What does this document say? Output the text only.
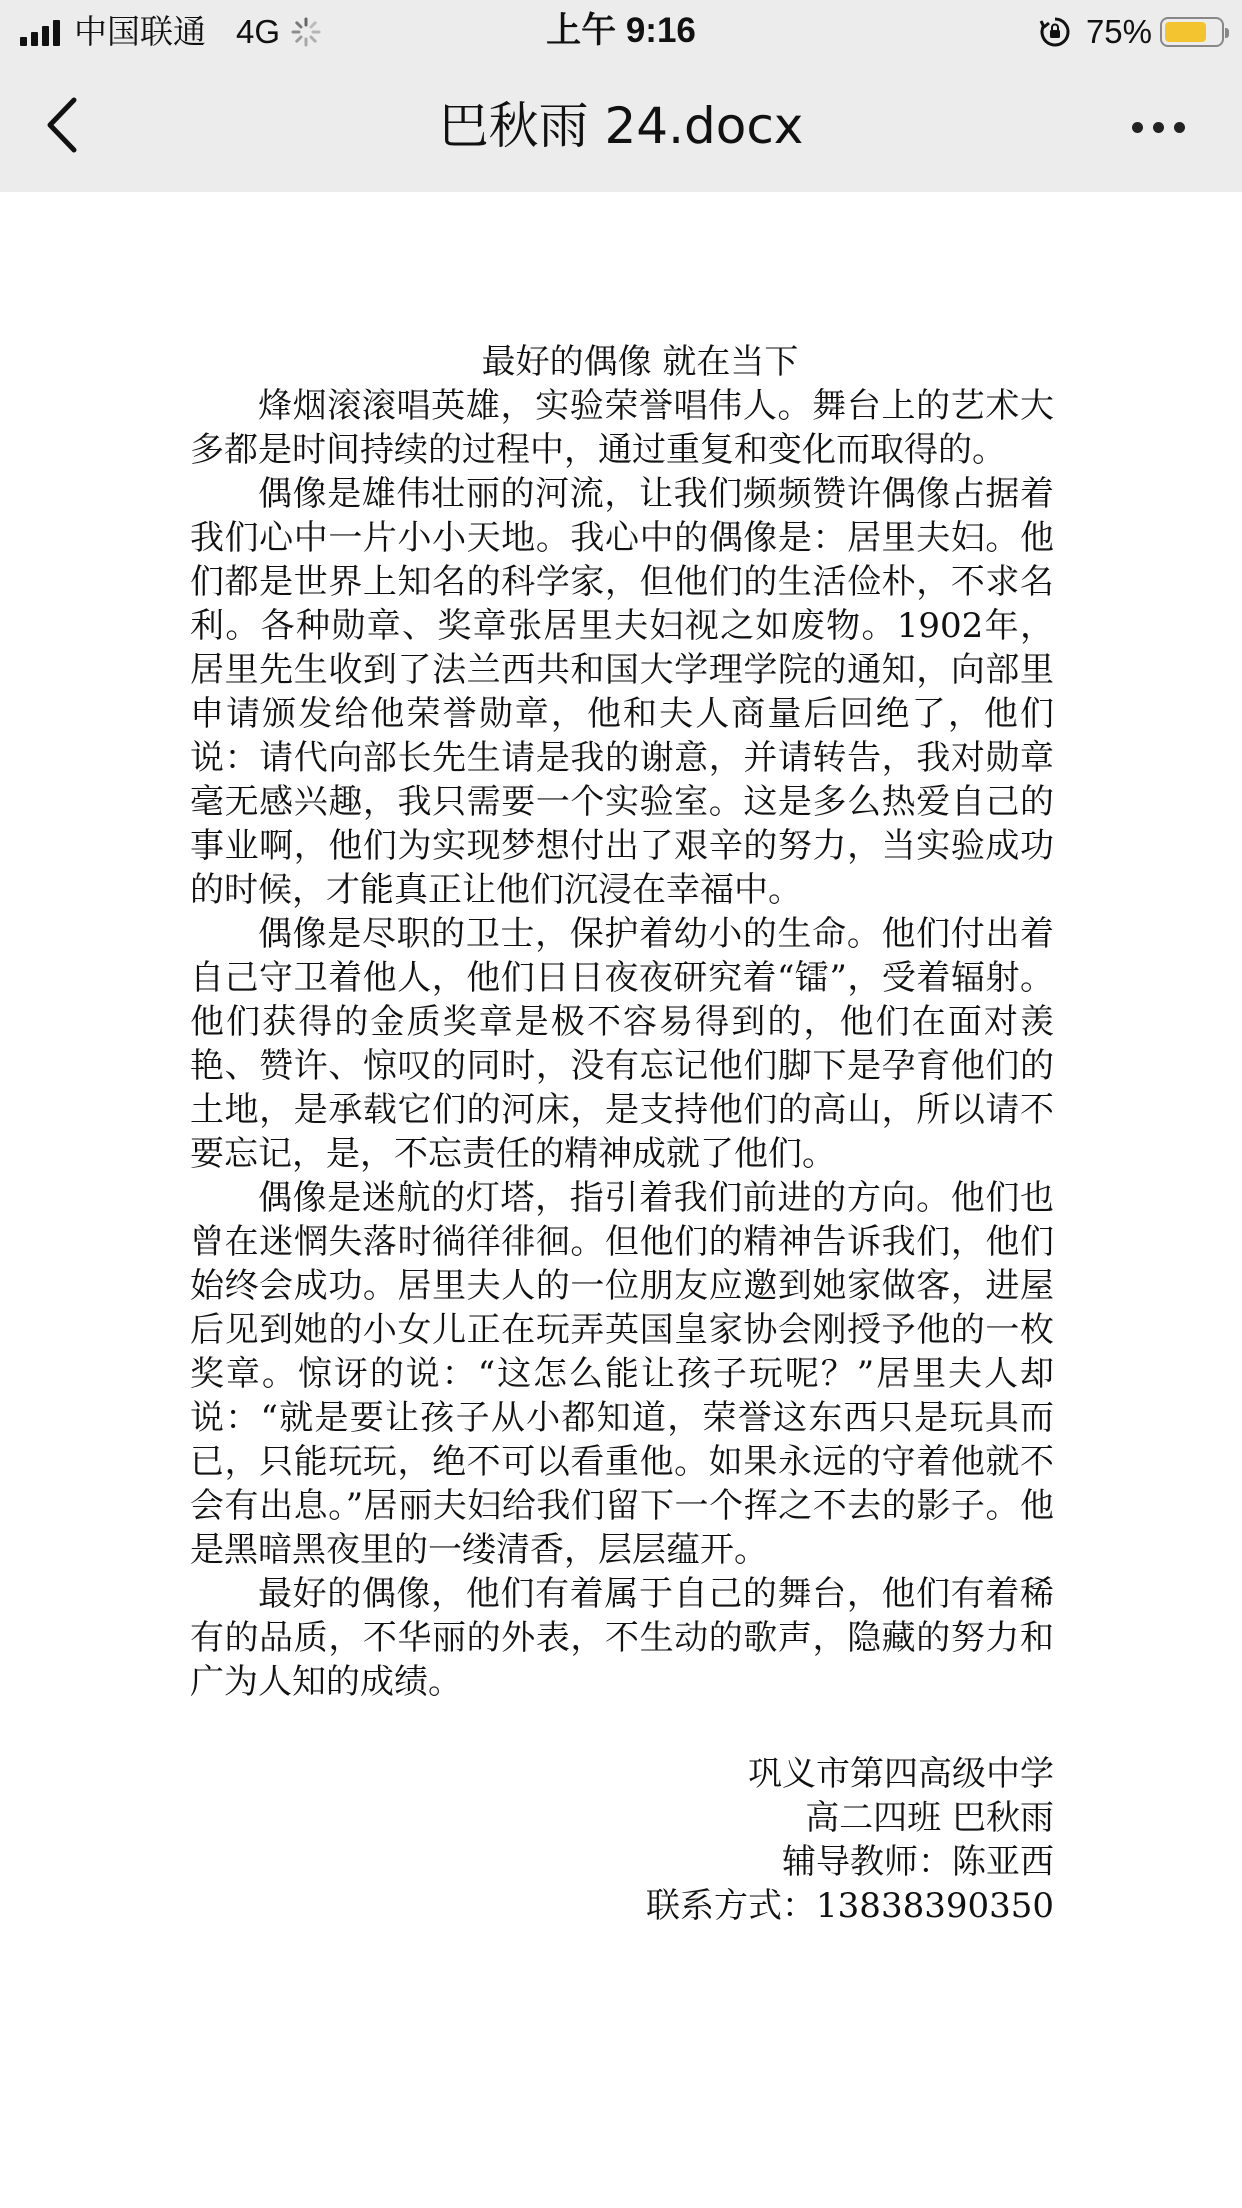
中国联通 4G	上午 9:16	75%
巴秋雨 24.docx

最好的偶像 就在当下

烽烟滚滚唱英雄，实验荣誉唱伟人。舞台上的艺术大多都是时间持续的过程中，通过重复和变化而取得的。

偶像是雄伟壮丽的河流，让我们频频赞许偶像占据着我们心中一片小小天地。我心中的偶像是：居里夫妇。他们都是世界上知名的科学家，但他们的生活俭朴，不求名利。各种勋章、奖章张居里夫妇视之如废物。1902年，居里先生收到了法兰西共和国大学理学院的通知，向部里申请颁发给他荣誉勋章，他和夫人商量后回绝了，他们说：请代向部长先生请是我的谢意，并请转告，我对勋章毫无感兴趣，我只需要一个实验室。这是多么热爱自己的事业啊，他们为实现梦想付出了艰辛的努力，当实验成功的时候，才能真正让他们沉浸在幸福中。

偶像是尽职的卫士，保护着幼小的生命。他们付出着自己守卫着他人，他们日日夜夜研究着“镭”，受着辐射。他们获得的金质奖章是极不容易得到的，他们在面对羡艳、赞许、惊叹的同时，没有忘记他们脚下是孕育他们的土地，是承载它们的河床，是支持他们的高山，所以请不要忘记，是，不忘责任的精神成就了他们。

偶像是迷航的灯塔，指引着我们前进的方向。他们也曾在迷惘失落时徜徉徘徊。但他们的精神告诉我们，他们始终会成功。居里夫人的一位朋友应邀到她家做客，进屋后见到她的小女儿正在玩弄英国皇家协会刚授予他的一枚奖章。惊讶的说：“这怎么能让孩子玩呢？”居里夫人却说：“就是要让孩子从小都知道，荣誉这东西只是玩具而已，只能玩玩，绝不可以看重他。如果永远的守着他就不会有出息。”居丽夫妇给我们留下一个挥之不去的影子。他是黑暗黑夜里的一缕清香，层层蕴开。

最好的偶像，他们有着属于自己的舞台，他们有着稀有的品质，不华丽的外表，不生动的歌声，隐藏的努力和广为人知的成绩。

巩义市第四高级中学
高二四班 巴秋雨
辅导教师：陈亚西
联系方式：13838390350
